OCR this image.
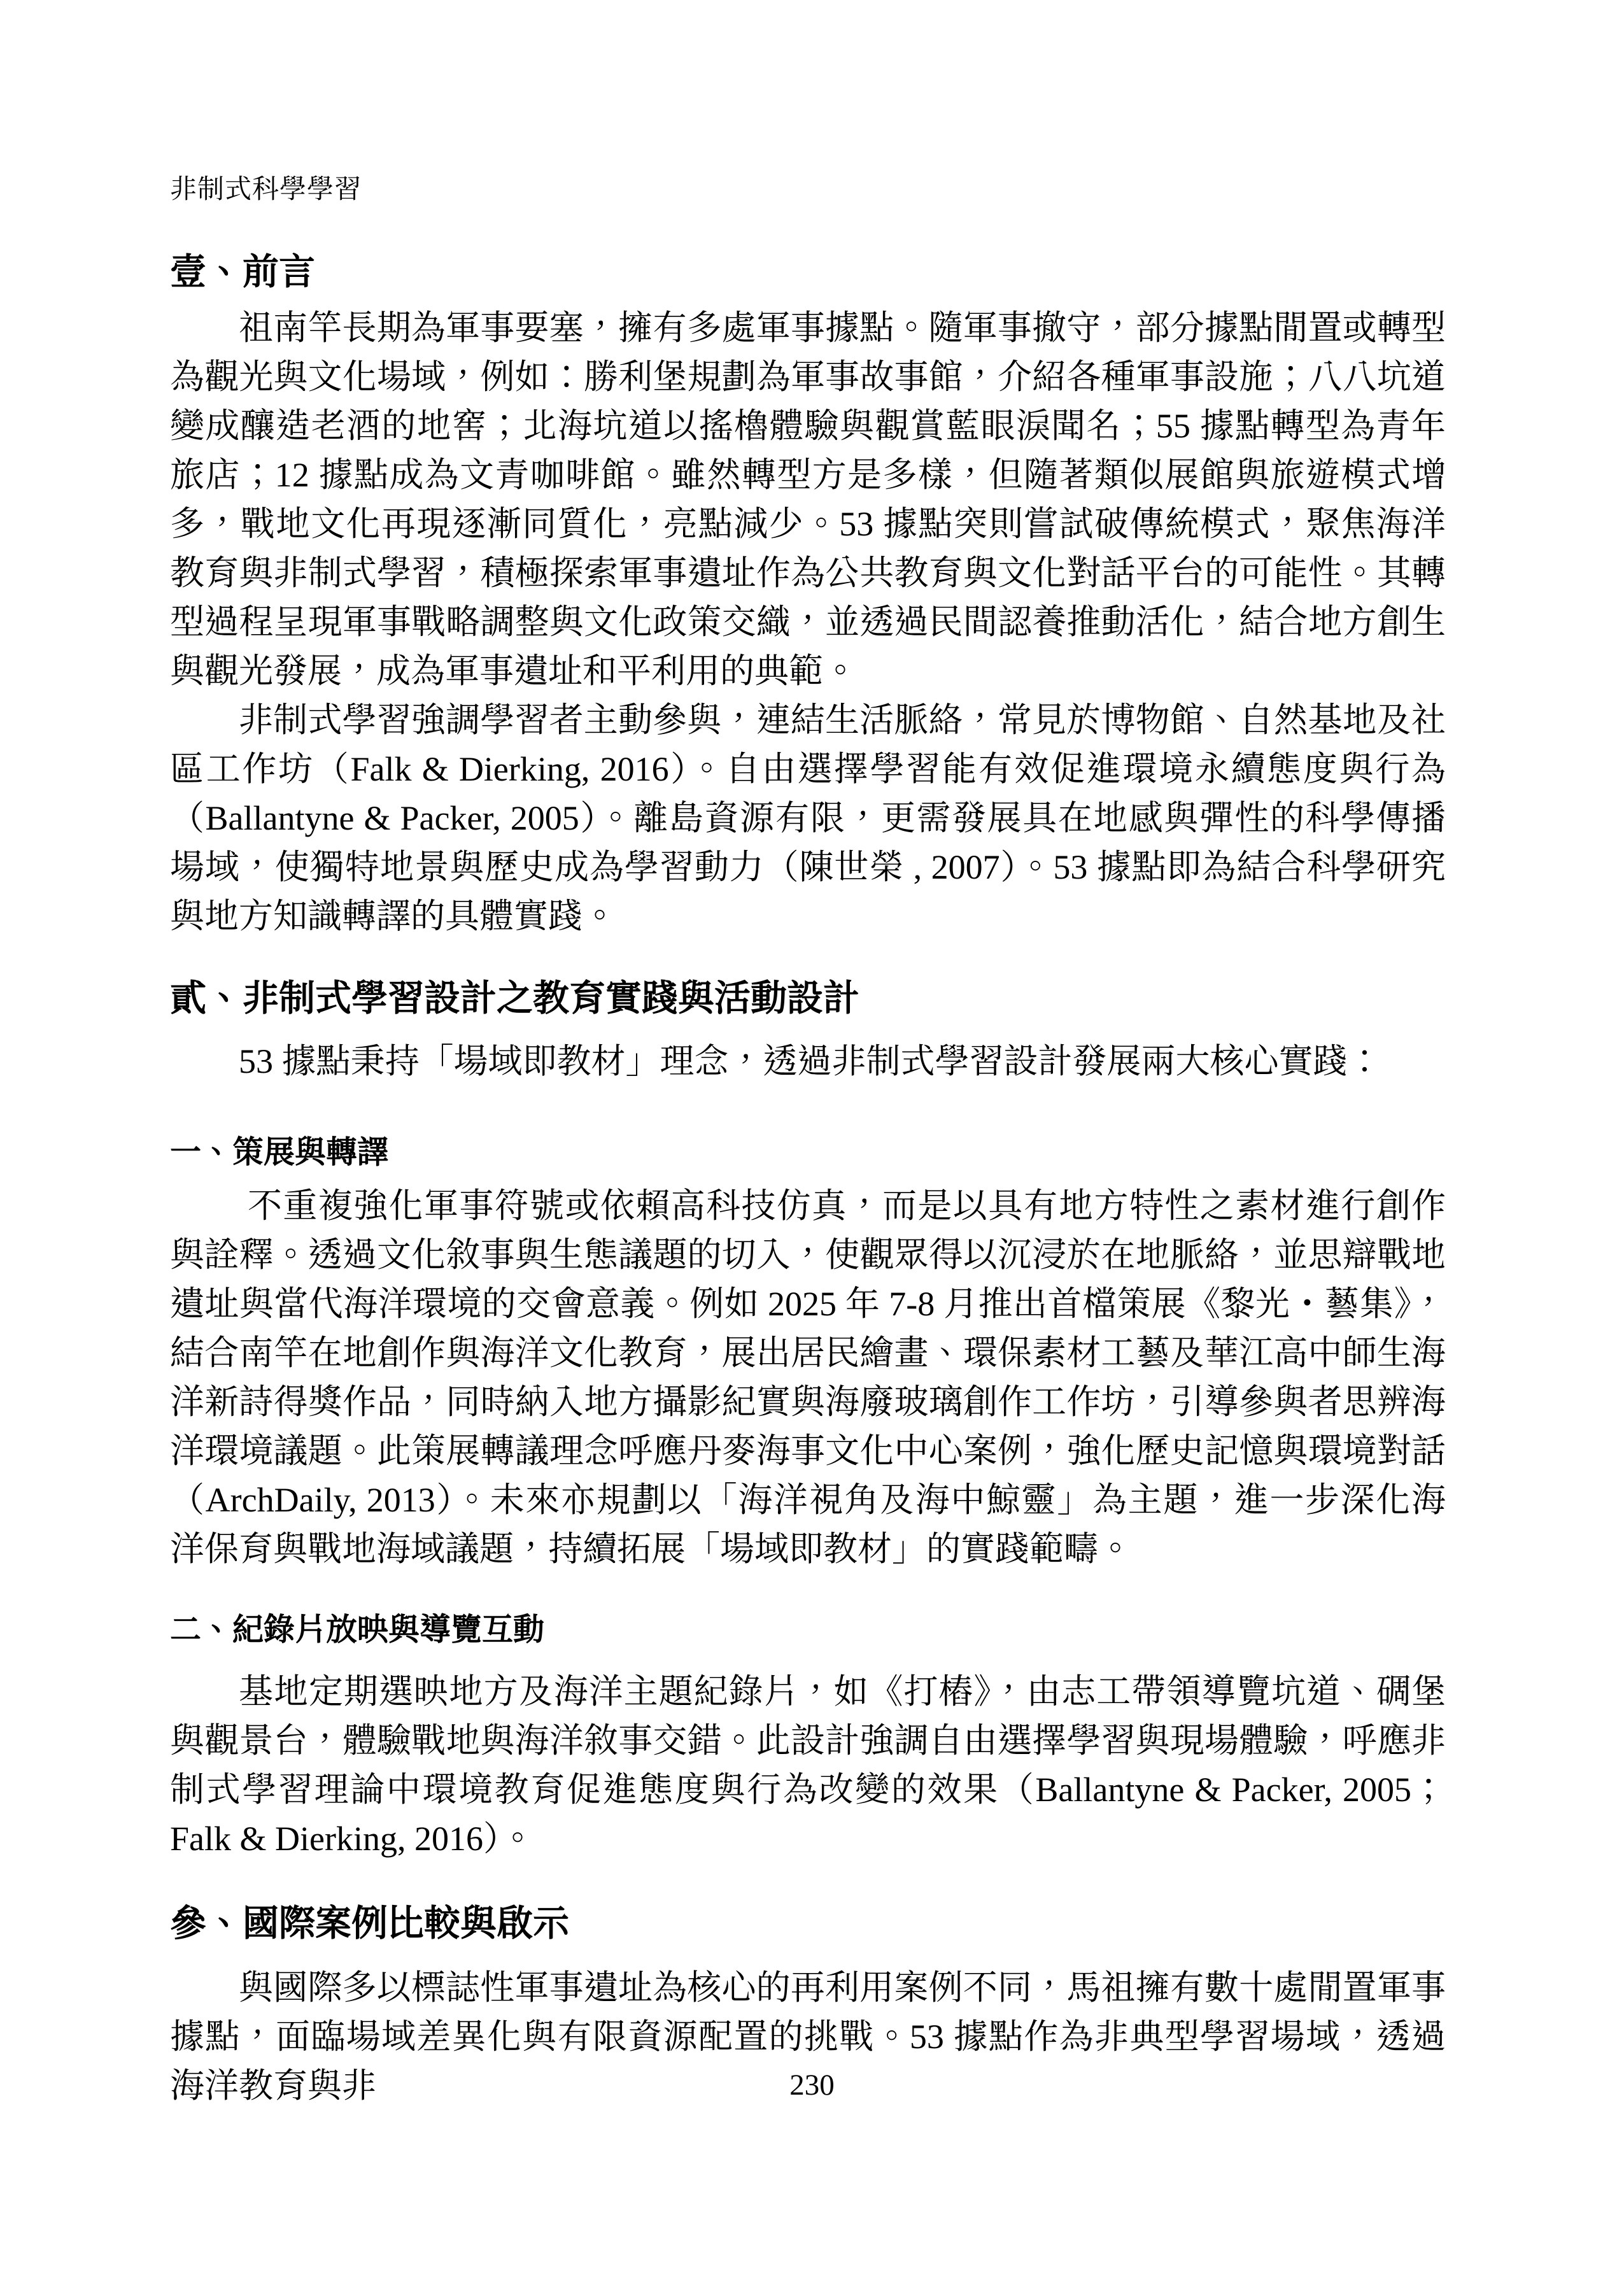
非制式科學學習
壹、前言

祖南竿長期為軍事要塞，擁有多處軍事據點。隨軍事撤守，部分據點閒置或轉型為觀光與文化場域，例如：勝利堡規劃為軍事故事館，介紹各種軍事設施；八八坑道變成釀造老酒的地窖；北海坑道以搖櫓體驗與觀賞藍眼淚聞名；55 據點轉型為青年旅店；12 據點成為文青咖啡館。雖然轉型方是多樣，但隨著類似展館與旅遊模式增多，戰地文化再現逐漸同質化，亮點減少。53 據點突則嘗試破傳統模式，聚焦海洋教育與非制式學習，積極探索軍事遺址作為公共教育與文化對話平台的可能性。其轉型過程呈現軍事戰略調整與文化政策交織，並透過民間認養推動活化，結合地方創生與觀光發展，成為軍事遺址和平利用的典範。

非制式學習強調學習者主動參與，連結生活脈絡，常見於博物館、自然基地及社區工作坊（Falk & Dierking, 2016）。自由選擇學習能有效促進環境永續態度與行為（Ballantyne & Packer, 2005）。離島資源有限，更需發展具在地感與彈性的科學傳播場域，使獨特地景與歷史成為學習動力（陳世榮 , 2007）。53 據點即為結合科學研究與地方知識轉譯的具體實踐。

貳、非制式學習設計之教育實踐與活動設計

53 據點秉持「場域即教材」理念，透過非制式學習設計發展兩大核心實踐：

一、策展與轉譯

不重複強化軍事符號或依賴高科技仿真，而是以具有地方特性之素材進行創作與詮釋。透過文化敘事與生態議題的切入，使觀眾得以沉浸於在地脈絡，並思辯戰地遺址與當代海洋環境的交會意義。例如 2025 年 7-8 月推出首檔策展《黎光・藝集》，結合南竿在地創作與海洋文化教育，展出居民繪畫、環保素材工藝及華江高中師生海洋新詩得獎作品，同時納入地方攝影紀實與海廢玻璃創作工作坊，引導參與者思辨海洋環境議題。此策展轉議理念呼應丹麥海事文化中心案例，強化歷史記憶與環境對話（ArchDaily, 2013）。未來亦規劃以「海洋視角及海中鯨靈」為主題，進一步深化海洋保育與戰地海域議題，持續拓展「場域即教材」的實踐範疇。

二、紀錄片放映與導覽互動

基地定期選映地方及海洋主題紀錄片，如《打樁》，由志工帶領導覽坑道、碉堡與觀景台，體驗戰地與海洋敘事交錯。此設計強調自由選擇學習與現場體驗，呼應非制式學習理論中環境教育促進態度與行為改變的效果（Ballantyne & Packer, 2005；Falk & Dierking, 2016）。

參、國際案例比較與啟示

與國際多以標誌性軍事遺址為核心的再利用案例不同，馬祖擁有數十處閒置軍事據點，面臨場域差異化與有限資源配置的挑戰。53 據點作為非典型學習場域，透過海洋教育與非	230
